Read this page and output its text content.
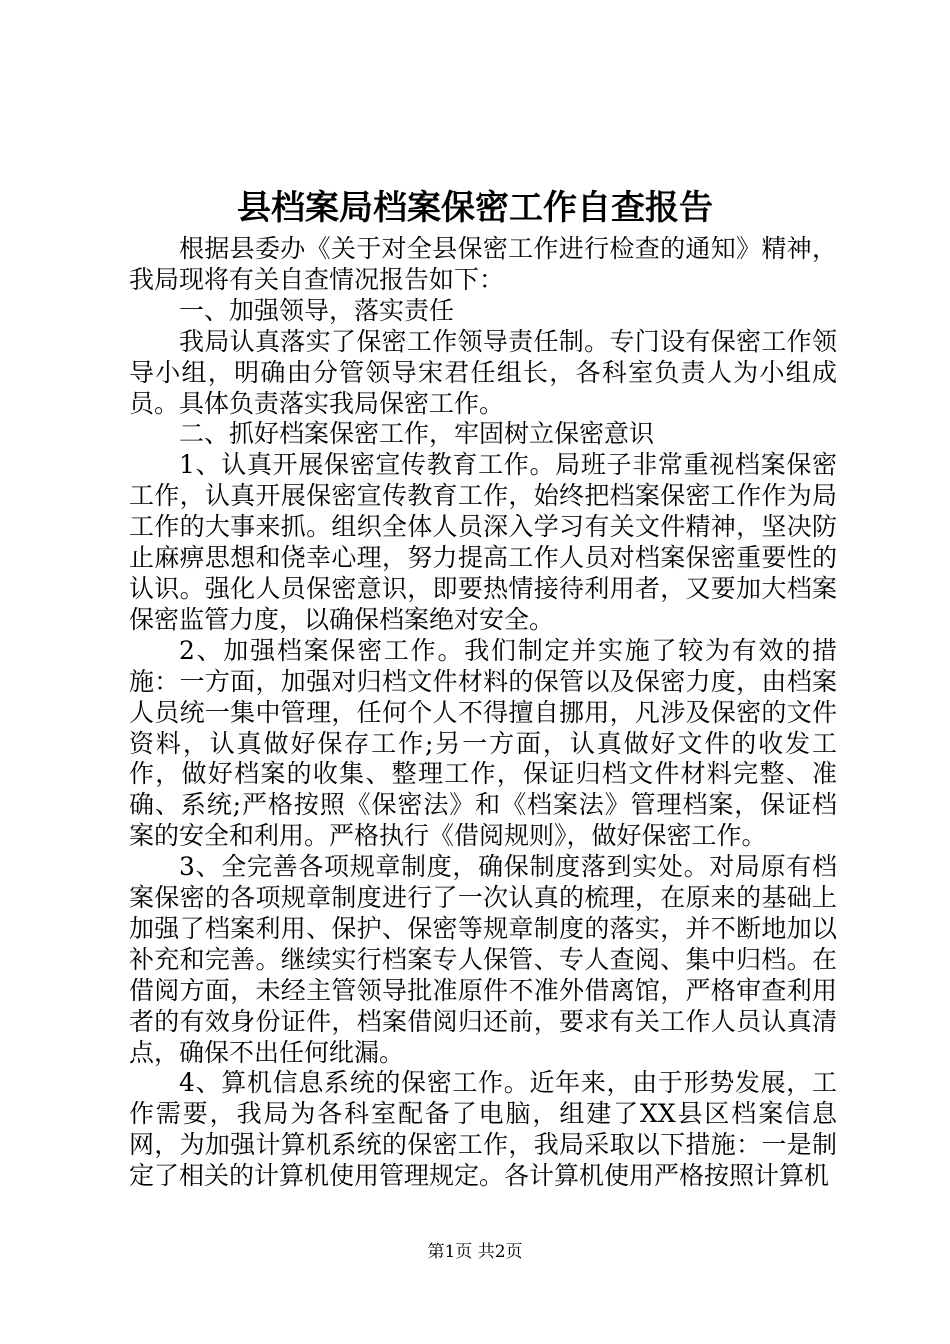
县档案局档案保密工作自查报告

根据县委办《关于对全县保密工作进行检查的通知》精神，我局现将有关自查情况报告如下：

一、加强领导，落实责任

我局认真落实了保密工作领导责任制。专门设有保密工作领导小组，明确由分管领导宋君任组长，各科室负责人为小组成员。具体负责落实我局保密工作。

二、抓好档案保密工作，牢固树立保密意识

1、认真开展保密宣传教育工作。局班子非常重视档案保密工作，认真开展保密宣传教育工作，始终把档案保密工作作为局工作的大事来抓。组织全体人员深入学习有关文件精神，坚决防止麻痹思想和侥幸心理，努力提高工作人员对档案保密重要性的认识。强化人员保密意识，即要热情接待利用者，又要加大档案保密监管力度，以确保档案绝对安全。

2、加强档案保密工作。我们制定并实施了较为有效的措施：一方面，加强对归档文件材料的保管以及保密力度，由档案人员统一集中管理，任何个人不得擅自挪用，凡涉及保密的文件资料，认真做好保存工作;另一方面，认真做好文件的收发工作，做好档案的收集、整理工作，保证归档文件材料完整、准确、系统;严格按照《保密法》和《档案法》管理档案，保证档案的安全和利用。严格执行《借阅规则》，做好保密工作。

3、全完善各项规章制度，确保制度落到实处。对局原有档案保密的各项规章制度进行了一次认真的梳理，在原来的基础上加强了档案利用、保护、保密等规章制度的落实，并不断地加以补充和完善。继续实行档案专人保管、专人查阅、集中归档。在借阅方面，未经主管领导批准原件不准外借离馆，严格审查利用者的有效身份证件，档案借阅归还前，要求有关工作人员认真清点，确保不出任何纰漏。

4、算机信息系统的保密工作。近年来，由于形势发展，工作需要，我局为各科室配备了电脑，组建了XX县区档案信息网，为加强计算机系统的保密工作，我局采取以下措施：一是制定了相关的计算机使用管理规定。各计算机使用严格按照计算机

第1页 共2页
